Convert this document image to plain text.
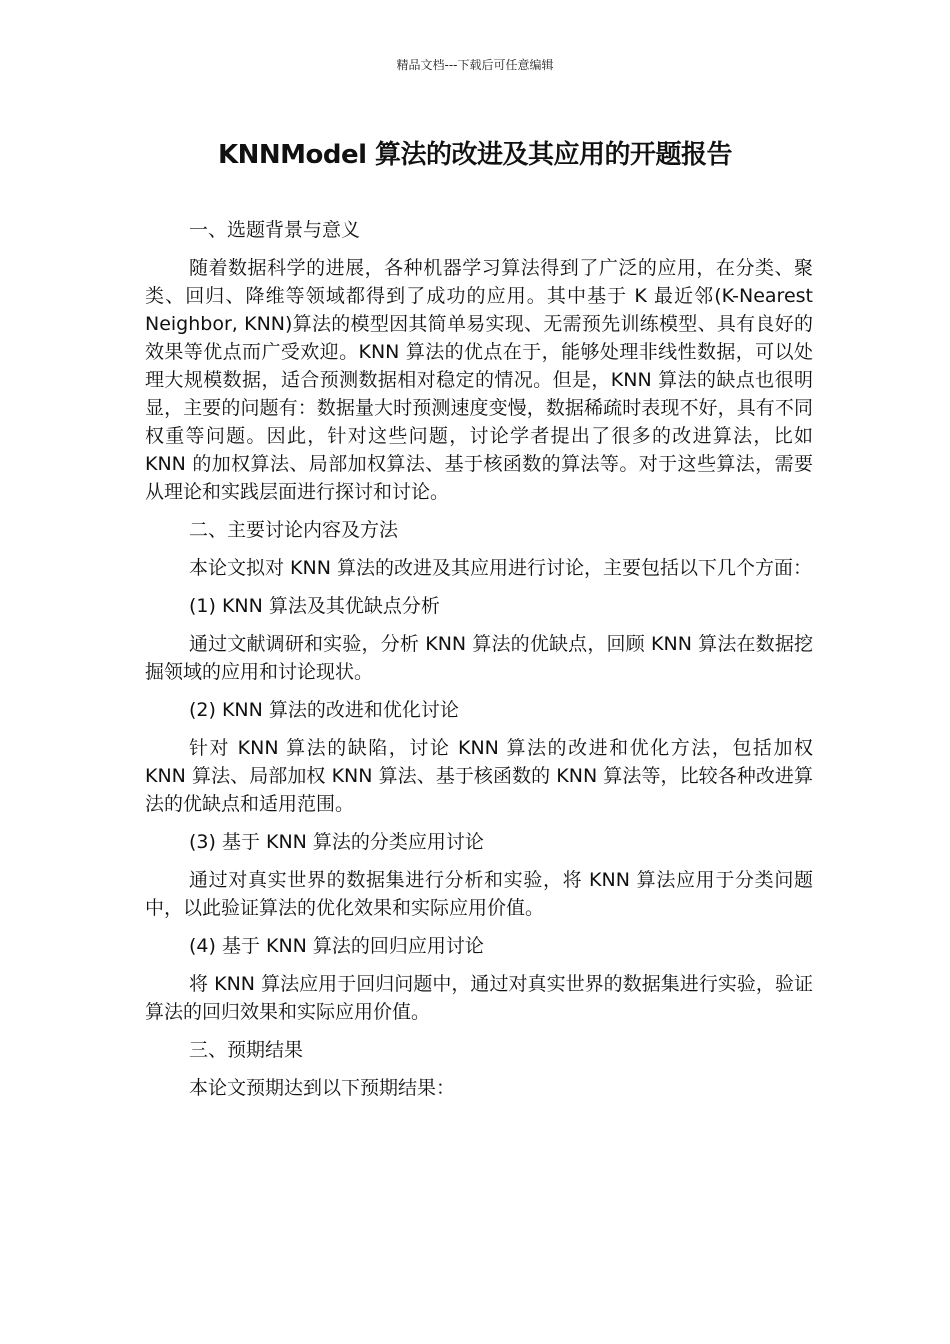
精品文档---下载后可任意编辑
KNNModel 算法的改进及其应用的开题报告

一、选题背景与意义

随着数据科学的进展，各种机器学习算法得到了广泛的应用，在分类、聚类、回归、降维等领域都得到了成功的应用。其中基于 K 最近邻(K-Nearest Neighbor, KNN)算法的模型因其简单易实现、无需预先训练模型、具有良好的效果等优点而广受欢迎。KNN 算法的优点在于，能够处理非线性数据，可以处理大规模数据，适合预测数据相对稳定的情况。但是，KNN 算法的缺点也很明显，主要的问题有：数据量大时预测速度变慢，数据稀疏时表现不好，具有不同权重等问题。因此，针对这些问题，讨论学者提出了很多的改进算法，比如 KNN 的加权算法、局部加权算法、基于核函数的算法等。对于这些算法，需要从理论和实践层面进行探讨和讨论。

二、主要讨论内容及方法

本论文拟对 KNN 算法的改进及其应用进行讨论，主要包括以下几个方面：

(1) KNN 算法及其优缺点分析

通过文献调研和实验，分析 KNN 算法的优缺点，回顾 KNN 算法在数据挖掘领域的应用和讨论现状。

(2) KNN 算法的改进和优化讨论

针对 KNN 算法的缺陷，讨论 KNN 算法的改进和优化方法，包括加权 KNN 算法、局部加权 KNN 算法、基于核函数的 KNN 算法等，比较各种改进算法的优缺点和适用范围。

(3) 基于 KNN 算法的分类应用讨论

通过对真实世界的数据集进行分析和实验，将 KNN 算法应用于分类问题中，以此验证算法的优化效果和实际应用价值。

(4) 基于 KNN 算法的回归应用讨论

将 KNN 算法应用于回归问题中，通过对真实世界的数据集进行实验，验证算法的回归效果和实际应用价值。

三、预期结果

本论文预期达到以下预期结果：
